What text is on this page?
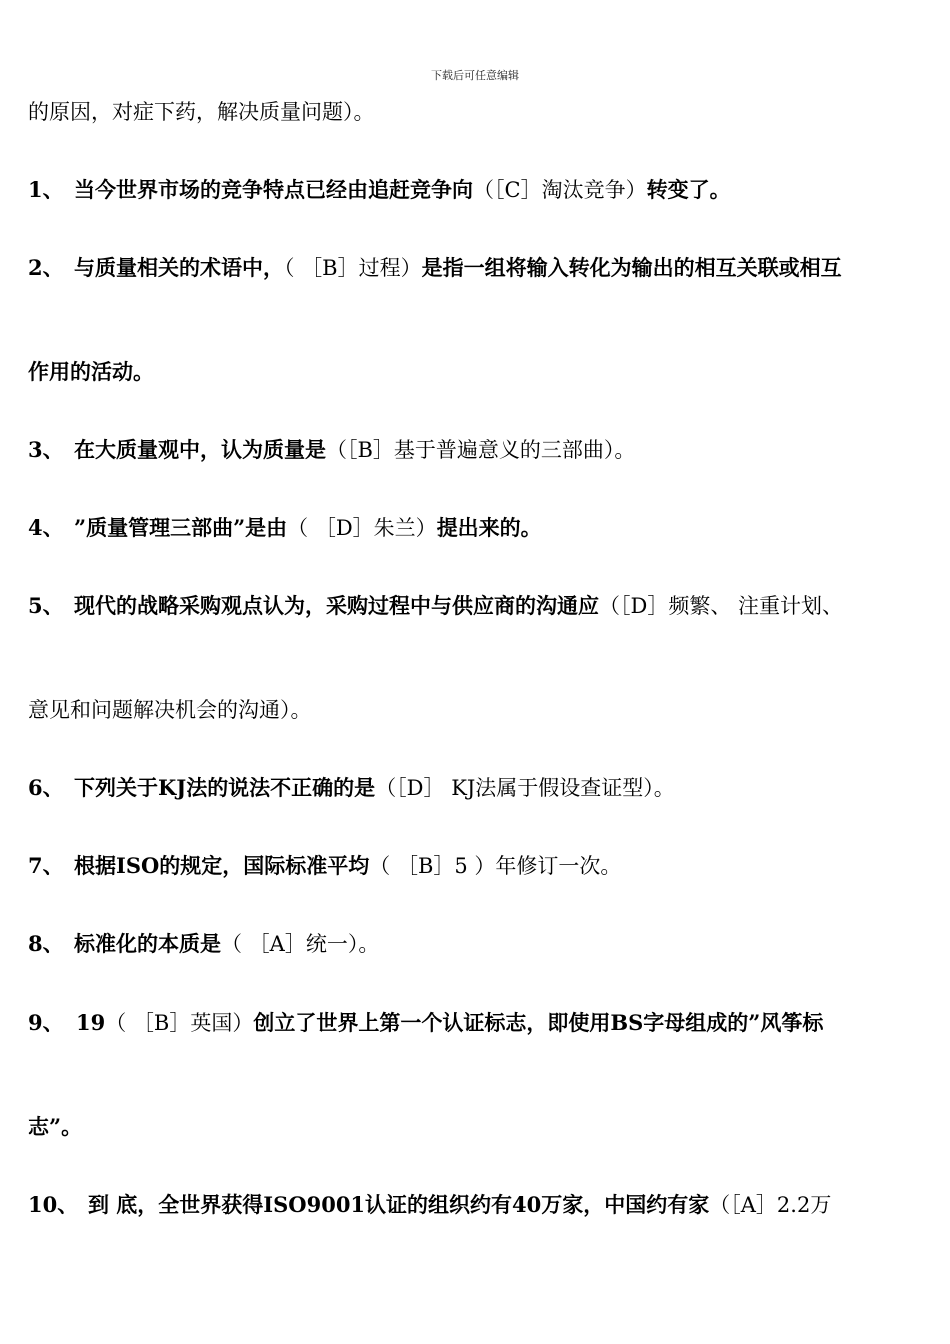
下载后可任意编辑
的原因，对症下药，解决质量问题）。
1、 当今世界市场的竞争特点已经由追赶竞争向（［C］淘汰竞争）转变了。
2、 与质量相关的术语中，（ ［B］过程）是指一组将输入转化为输出的相互关联或相互
作用的活动。
3、 在大质量观中，认为质量是（［B］基于普遍意义的三部曲）。
4、 ”质量管理三部曲”是由（ ［D］朱兰）提出来的。
5、 现代的战略采购观点认为，采购过程中与供应商的沟通应（［D］频繁、 注重计划、
意见和问题解决机会的沟通）。
6、 下列关于KJ法的说法不正确的是（［D］ KJ法属于假设查证型）。
7、 根据ISO的规定，国际标准平均（ ［B］5 ）年修订一次。
8、 标准化的本质是（ ［A］统一）。
9、 19（ ［B］英国）创立了世界上第一个认证标志，即使用BS字母组成的”风筝标
志”。
10、 到 底，全世界获得ISO9001认证的组织约有40万家，中国约有家（［A］2.2万
